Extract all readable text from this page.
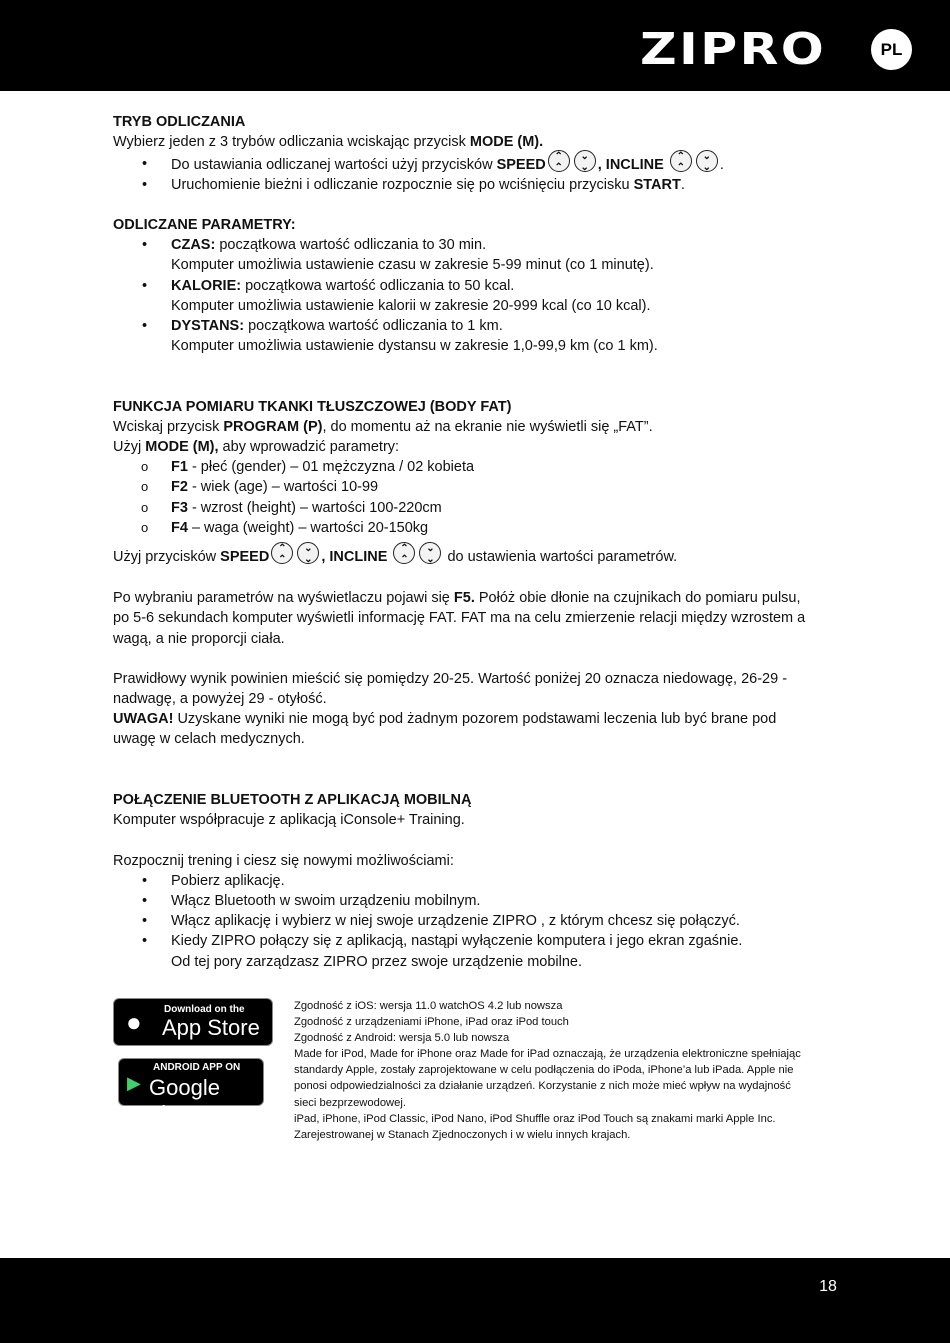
ZIPRO	PL
TRYB ODLICZANIA
Wybierz jeden z 3 trybów odliczania wciskając przycisk MODE (M).
• Do ustawiania odliczanej wartości użyj przycisków SPEED⌃
⌃⌄
⌄ , INCLINE ⌃
⌃⌄
⌄ .
• Uruchomienie bieżni i odliczanie rozpocznie się po wciśnięciu przycisku START.
ODLICZANE PARAMETRY:
• CZAS: początkowa wartość odliczania to 30 min.
Komputer umożliwia ustawienie czasu w zakresie 5-99 minut (co 1 minutę).
• KALORIE: początkowa wartość odliczania to 50 kcal.
Komputer umożliwia ustawienie kalorii w zakresie 20-999 kcal (co 10 kcal).
• DYSTANS: początkowa wartość odliczania to 1 km.
Komputer umożliwia ustawienie dystansu w zakresie 1,0-99,9 km (co 1 km).
FUNKCJA POMIARU TKANKI TŁUSZCZOWEJ (BODY FAT)
Wciskaj przycisk PROGRAM (P), do momentu aż na ekranie nie wyświetli się „FAT”.
Użyj MODE (M), aby wprowadzić parametry:
o F1 - płeć (gender) – 01 mężczyzna / 02 kobieta
o F2 - wiek (age) – wartości 10-99
o F3 - wzrost (height) – wartości 100-220cm
o F4 – waga (weight) – wartości 20-150kg
Użyj przycisków SPEED⌃
⌃⌄
⌄ , INCLINE ⌃
⌃⌄
⌄ do ustawienia wartości parametrów.
Po wybraniu parametrów na wyświetlaczu pojawi się F5. Połóż obie dłonie na czujnikach do pomiaru pulsu,
po 5-6 sekundach komputer wyświetli informację FAT. FAT ma na celu zmierzenie relacji między wzrostem a
wagą, a nie proporcji ciała.
Prawidłowy wynik powinien mieścić się pomiędzy 20-25. Wartość poniżej 20 oznacza niedowagę, 26-29 -
nadwagę, a powyżej 29 - otyłość.
UWAGA! Uzyskane wyniki nie mogą być pod żadnym pozorem podstawami leczenia lub być brane pod
uwagę w celach medycznych.
POŁĄCZENIE BLUETOOTH Z APLIKACJĄ MOBILNĄ
Komputer współpracuje z aplikacją iConsole+ Training.
Rozpocznij trening i ciesz się nowymi możliwościami:
• Pobierz aplikację.
• Włącz Bluetooth w swoim urządzeniu mobilnym.
• Włącz aplikację i wybierz w niej swoje urządzenie ZIPRO , z którym chcesz się połączyć.
• Kiedy ZIPRO połączy się z aplikacją, nastąpi wyłączenie komputera i jego ekran zgaśnie.
Od tej pory zarządzasz ZIPRO przez swoje urządzenie mobilne.
● Download on the
App Store
▶
ANDROID APP ON
Google play
Zgodność z iOS: wersja 11.0 watchOS 4.2 lub nowsza
Zgodność z urządzeniami iPhone, iPad oraz iPod touch
Zgodność z Android: wersja 5.0 lub nowsza
Made for iPod, Made for iPhone oraz Made for iPad oznaczają, że urządzenia elektroniczne spełniając
standardy Apple, zostały zaprojektowane w celu podłączenia do iPoda, iPhone’a lub iPada. Apple nie
ponosi odpowiedzialności za działanie urządzeń. Korzystanie z nich może mieć wpływ na wydajność
sieci bezprzewodowej.
iPad, iPhone, iPod Classic, iPod Nano, iPod Shuffle oraz iPod Touch są znakami marki Apple Inc.
Zarejestrowanej w Stanach Zjednoczonych i w wielu innych krajach.
18
